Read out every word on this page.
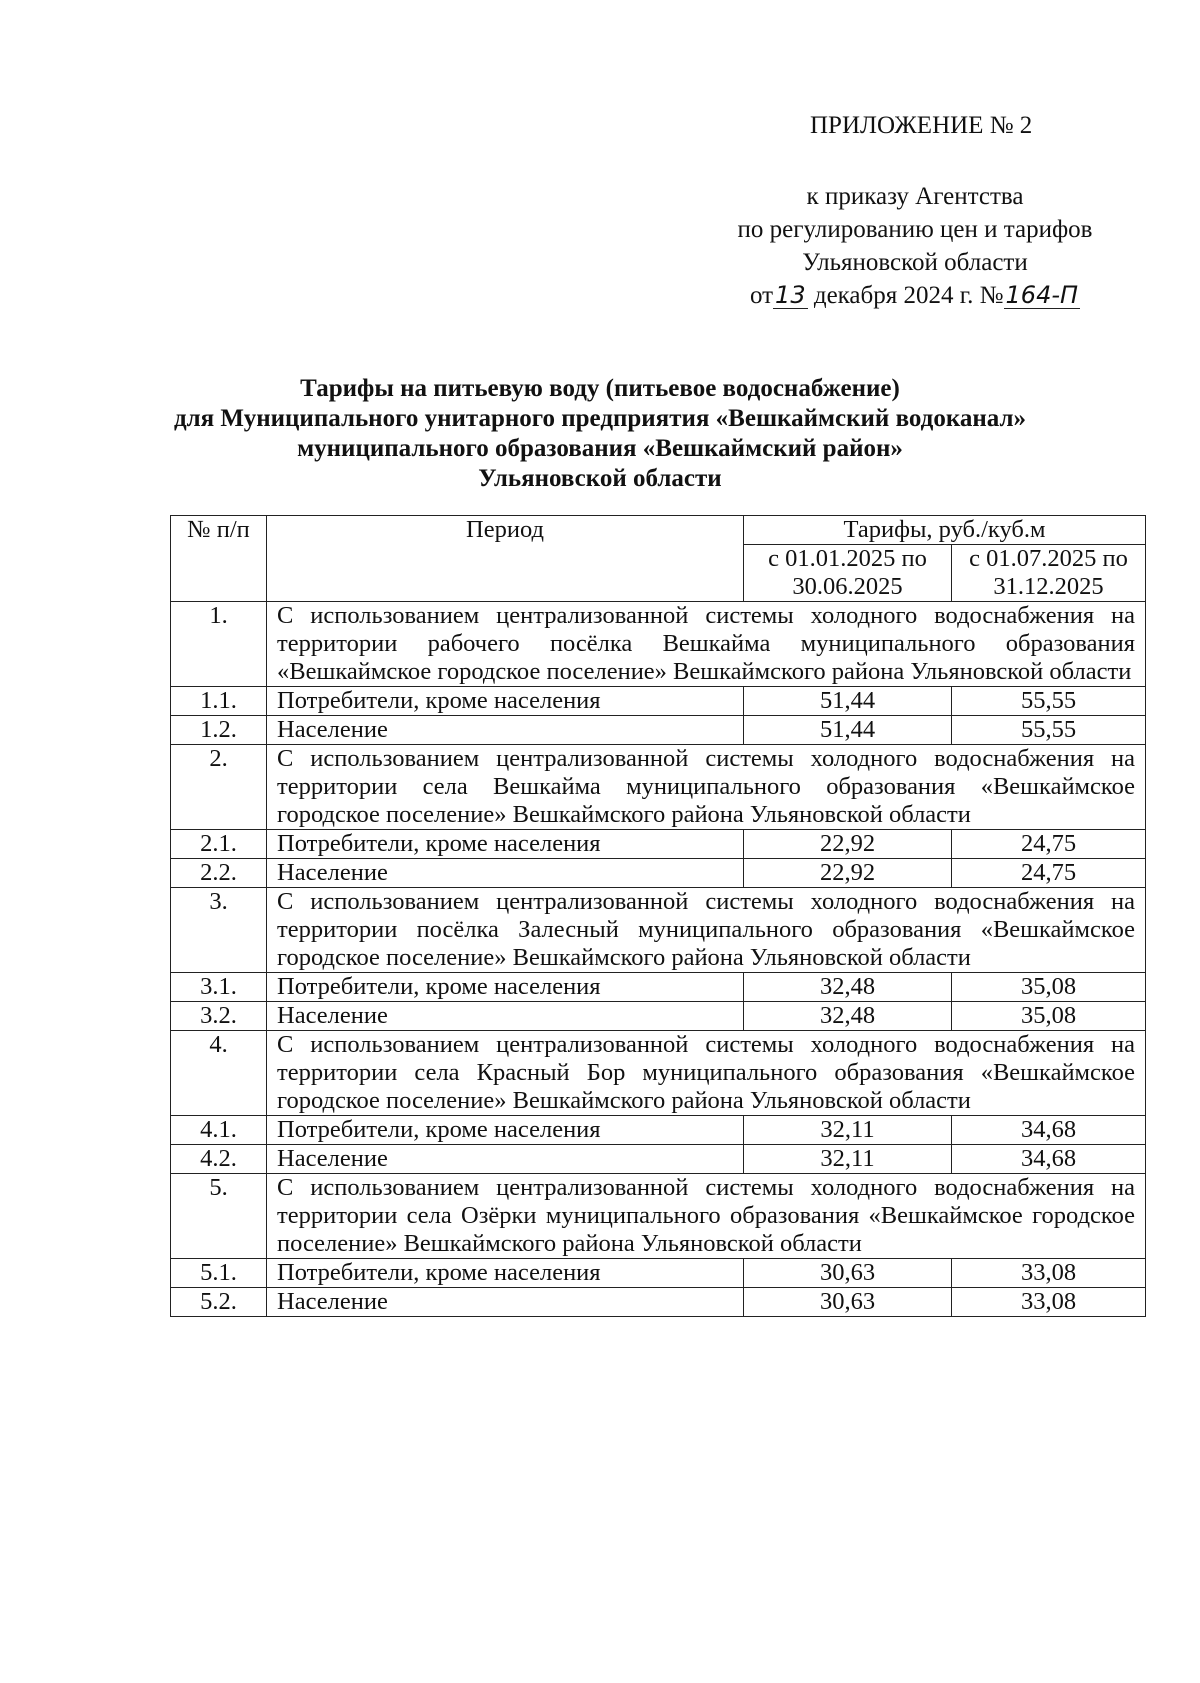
ПРИЛОЖЕНИЕ № 2
к приказу Агентства
по регулированию цен и тарифов
Ульяновской области
от13 декабря 2024 г. №164-П
Тарифы на питьевую воду (питьевое водоснабжение)
для Муниципального унитарного предприятия «Вешкаймский водоканал»
муниципального образования «Вешкаймский район»
Ульяновской области
№ п/п	Период	Тарифы, руб./куб.м	
		с 01.01.2025 по 30.06.2025	с 01.07.2025 по 31.12.2025
1.	С использованием централизованной системы холодного водоснабжения на территории рабочего посёлка Вешкайма муниципального образования «Вешкаймское городское поселение» Вешкаймского района Ульяновской области		
1.1.	Потребители, кроме населения	51,44	55,55
1.2.	Население	51,44	55,55
2.	С использованием централизованной системы холодного водоснабжения на территории села Вешкайма муниципального образования «Вешкаймское городское поселение» Вешкаймского района Ульяновской области		
2.1.	Потребители, кроме населения	22,92	24,75
2.2.	Население	22,92	24,75
3.	С использованием централизованной системы холодного водоснабжения на территории посёлка Залесный муниципального образования «Вешкаймское городское поселение» Вешкаймского района Ульяновской области		
3.1.	Потребители, кроме населения	32,48	35,08
3.2.	Население	32,48	35,08
4.	С использованием централизованной системы холодного водоснабжения на территории села Красный Бор муниципального образования «Вешкаймское городское поселение» Вешкаймского района Ульяновской области		
4.1.	Потребители, кроме населения	32,11	34,68
4.2.	Население	32,11	34,68
5.	С использованием централизованной системы холодного водоснабжения на территории села Озёрки муниципального образования «Вешкаймское городское поселение» Вешкаймского района Ульяновской области		
5.1.	Потребители, кроме населения	30,63	33,08
5.2.	Население	30,63	33,08
